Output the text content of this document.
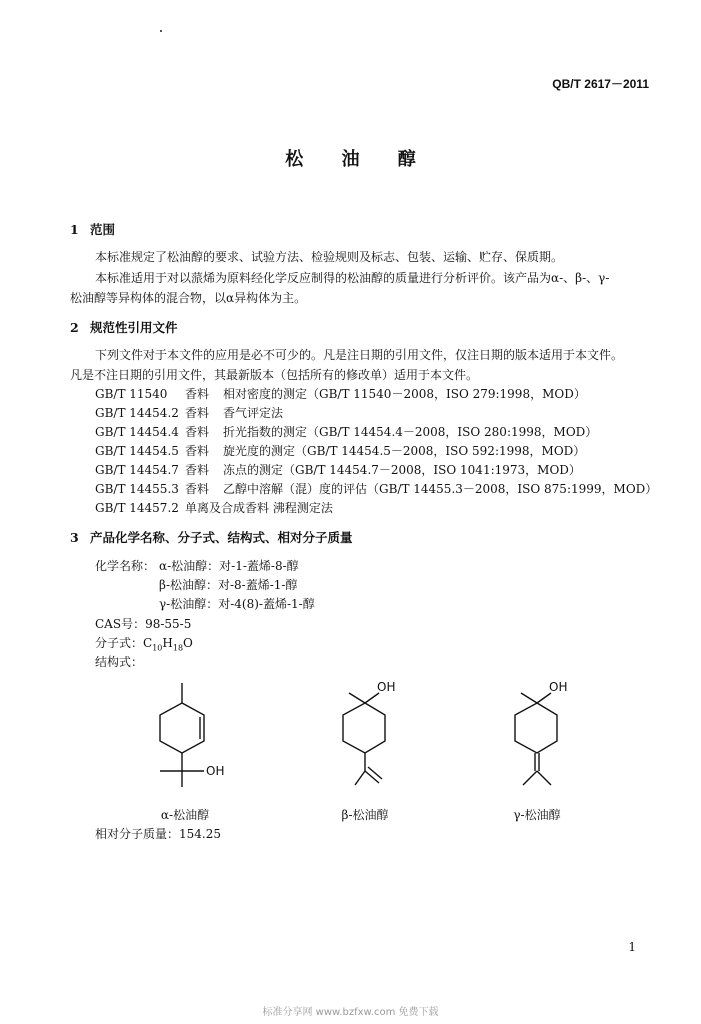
QB/T 2617－2011
松 油 醇
1 范围
本标准规定了松油醇的要求、试验方法、检验规则及标志、包装、运输、贮存、保质期。
本标准适用于对以蒎烯为原料经化学反应制得的松油醇的质量进行分析评价。该产品为α-、β-、γ-
松油醇等异构体的混合物，以α异构体为主。
2 规范性引用文件
下列文件对于本文件的应用是必不可少的。凡是注日期的引用文件，仅注日期的版本适用于本文件。
凡是不注日期的引用文件，其最新版本（包括所有的修改单）适用于本文件。
GB/T 11540 香料 相对密度的测定（GB/T 11540－2008，ISO 279:1998，MOD）
GB/T 14454.2 香料 香气评定法
GB/T 14454.4 香料 折光指数的测定（GB/T 14454.4－2008，ISO 280:1998，MOD）
GB/T 14454.5 香料 旋光度的测定（GB/T 14454.5－2008，ISO 592:1998，MOD）
GB/T 14454.7 香料 冻点的测定（GB/T 14454.7－2008，ISO 1041:1973，MOD）
GB/T 14455.3 香料 乙醇中溶解（混）度的评估（GB/T 14455.3－2008，ISO 875:1999，MOD）
GB/T 14457.2 单离及合成香料 沸程测定法
3 产品化学名称、分子式、结构式、相对分子质量
化学名称： α-松油醇：对-1-蓋烯-8-醇
β-松油醇：对-8-蓋烯-1-醇
γ-松油醇：对-4(8)-蓋烯-1-醇
CAS号：98-55-5
分子式：$C_{10}H_{18}O$
结构式：
OH
OH	OH
α-松油醇	β-松油醇	γ-松油醇
相对分子质量：154.25
1
标准分享网 www.bzfxw.com 免费下载
